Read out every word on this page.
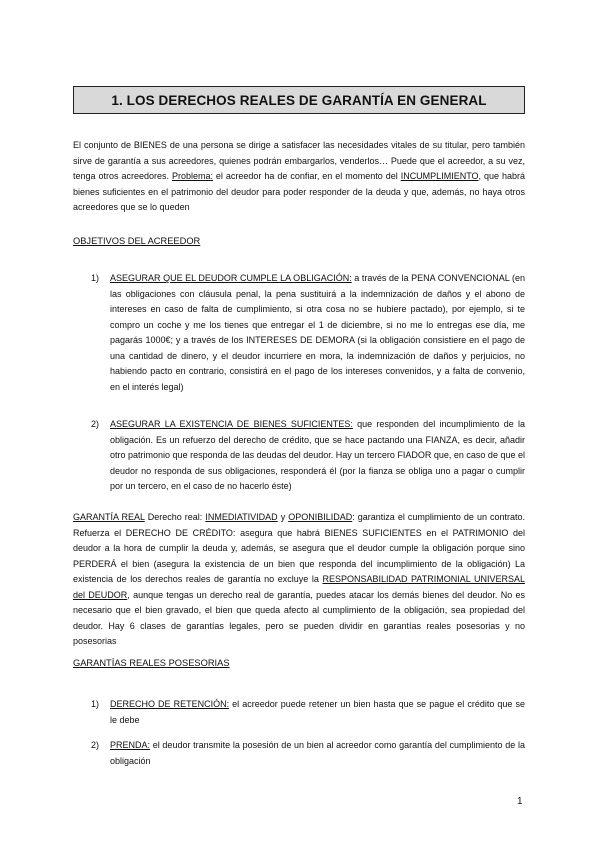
1. LOS DERECHOS REALES DE GARANTÍA EN GENERAL

El conjunto de BIENES de una persona se dirige a satisfacer las necesidades vitales de su titular, pero también sirve de garantía a sus acreedores, quienes podrán embargarlos, venderlos… Puede que el acreedor, a su vez, tenga otros acreedores. Problema: el acreedor ha de confiar, en el momento del INCUMPLIMIENTO, que habrá bienes suficientes en el patrimonio del deudor para poder responder de la deuda y que, además, no haya otros acreedores que se lo queden

OBJETIVOS DEL ACREEDOR

1) ASEGURAR QUE EL DEUDOR CUMPLE LA OBLIGACIÓN: a través de la PENA CONVENCIONAL (en las obligaciones con cláusula penal, la pena sustituirá a la indemnización de daños y el abono de intereses en caso de falta de cumplimiento, si otra cosa no se hubiere pactado), por ejemplo, si te compro un coche y me los tienes que entregar el 1 de diciembre, si no me lo entregas ese día, me pagarás 1000€; y a través de los INTERESES DE DEMORA (si la obligación consistiere en el pago de una cantidad de dinero, y el deudor incurriere en mora, la indemnización de daños y perjuicios, no habiendo pacto en contrario, consistirá en el pago de los intereses convenidos, y a falta de convenio, en el interés legal)
2) ASEGURAR LA EXISTENCIA DE BIENES SUFICIENTES: que responden del incumplimiento de la obligación. Es un refuerzo del derecho de crédito, que se hace pactando una FIANZA, es decir, añadir otro patrimonio que responda de las deudas del deudor. Hay un tercero FIADOR que, en caso de que el deudor no responda de sus obligaciones, responderá él (por la fianza se obliga uno a pagar o cumplir por un tercero, en el caso de no hacerlo éste)

GARANTÍA REAL Derecho real: INMEDIATIVIDAD y OPONIBILIDAD: garantiza el cumplimiento de un contrato. Refuerza el DERECHO DE CRÉDITO: asegura que habrá BIENES SUFICIENTES en el PATRIMONIO del deudor a la hora de cumplir la deuda y, además, se asegura que el deudor cumple la obligación porque sino PERDERÁ el bien (asegura la existencia de un bien que responda del incumplimiento de la obligación) La existencia de los derechos reales de garantía no excluye la RESPONSABILIDAD PATRIMONIAL UNIVERSAL del DEUDOR, aunque tengas un derecho real de garantía, puedes atacar los demás bienes del deudor. No es necesario que el bien gravado, el bien que queda afecto al cumplimiento de la obligación, sea propiedad del deudor. Hay 6 clases de garantías legales, pero se pueden dividir en garantías reales posesorias y no posesorias

GARANTÍAS REALES POSESORIAS

1) DERECHO DE RETENCIÓN: el acreedor puede retener un bien hasta que se pague el crédito que se le debe
2) PRENDA: el deudor transmite la posesión de un bien al acreedor como garantía del cumplimiento de la obligación
1
